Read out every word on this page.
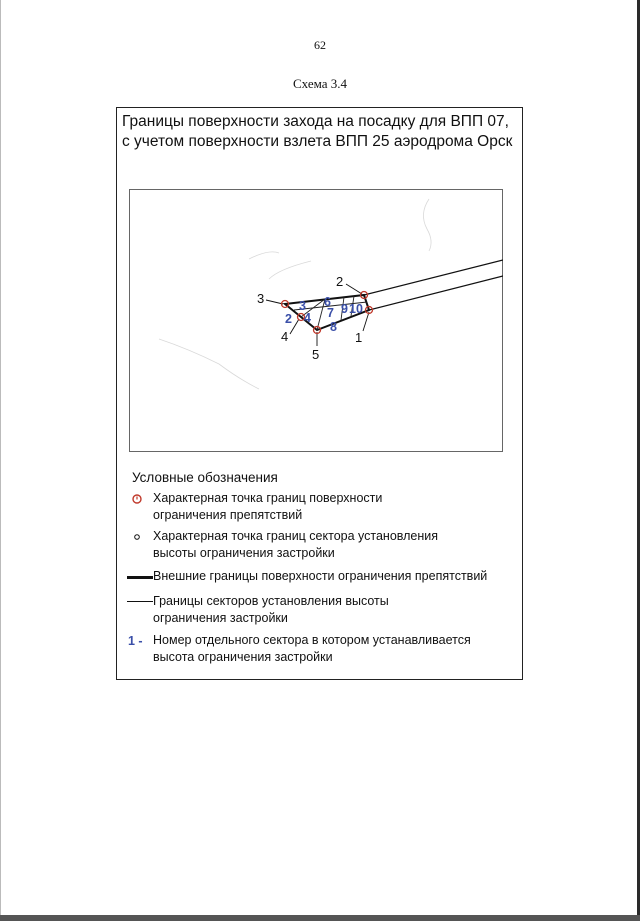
62
Схема 3.4
Границы поверхности захода на посадку для ВПП 07,
с учетом поверхности взлета ВПП 25 аэродрома Орск
2
3
4
5
1
2
3
4
6
7
8
9 10
Условные обозначения
Характерная точка границ поверхности
ограничения препятствий
Характерная точка границ сектора установления
высоты ограничения застройки
Внешние границы поверхности ограничения препятствий
Границы секторов установления высоты
ограничения застройки
1 - Номер отдельного сектора в котором устанавливается
высота ограничения застройки
